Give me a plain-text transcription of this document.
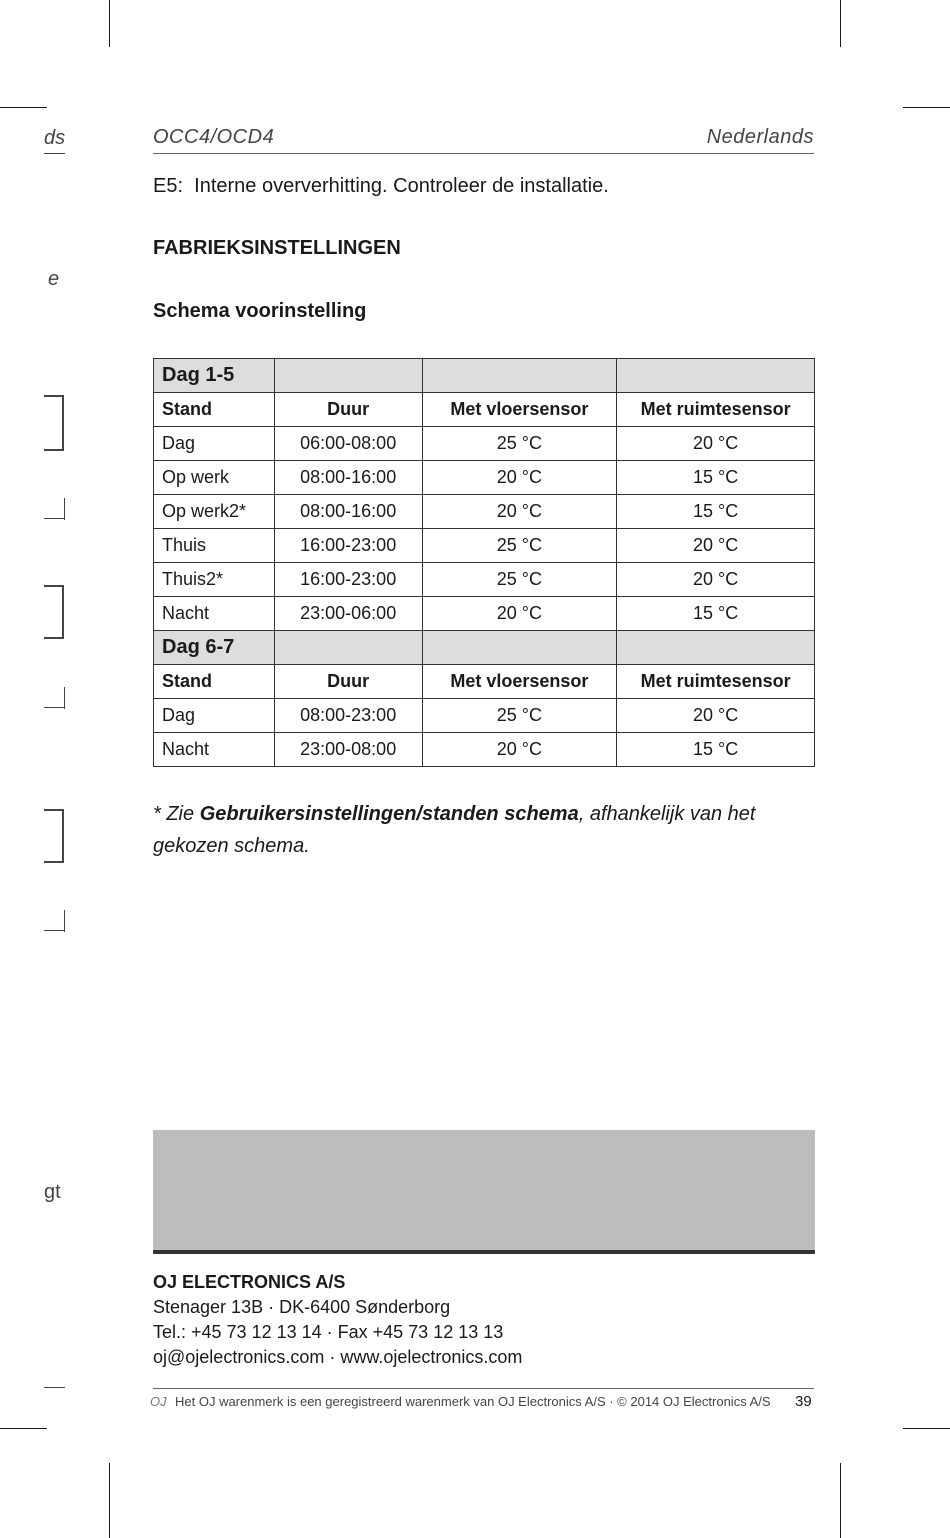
ds
e
gt
OCC4/OCD4	Nederlands
E5:  Interne oververhitting. Controleer de installatie.
FABRIEKSINSTELLINGEN
Schema voorinstelling
Dag 1-5			
Stand	Duur	Met vloersensor	Met ruimtesensor
Dag	06:00-08:00	25 °C	20 °C
Op werk	08:00-16:00	20 °C	15 °C
Op werk2*	08:00-16:00	20 °C	15 °C
Thuis	16:00-23:00	25 °C	20 °C
Thuis2*	16:00-23:00	25 °C	20 °C
Nacht	23:00-06:00	20 °C	15 °C
Dag 6-7			
Stand	Duur	Met vloersensor	Met ruimtesensor
Dag	08:00-23:00	25 °C	20 °C
Nacht	23:00-08:00	20 °C	15 °C
* Zie Gebruikersinstellingen/standen schema, afhankelijk van het gekozen schema.
OJ ELECTRONICS A/S
Stenager 13B · DK-6400 Sønderborg
Tel.: +45 73 12 13 14 · Fax +45 73 12 13 13
oj@ojelectronics.com · www.ojelectronics.com
OJ Het OJ warenmerk is een geregistreerd warenmerk van OJ Electronics A/S · © 2014 OJ Electronics A/S 39
